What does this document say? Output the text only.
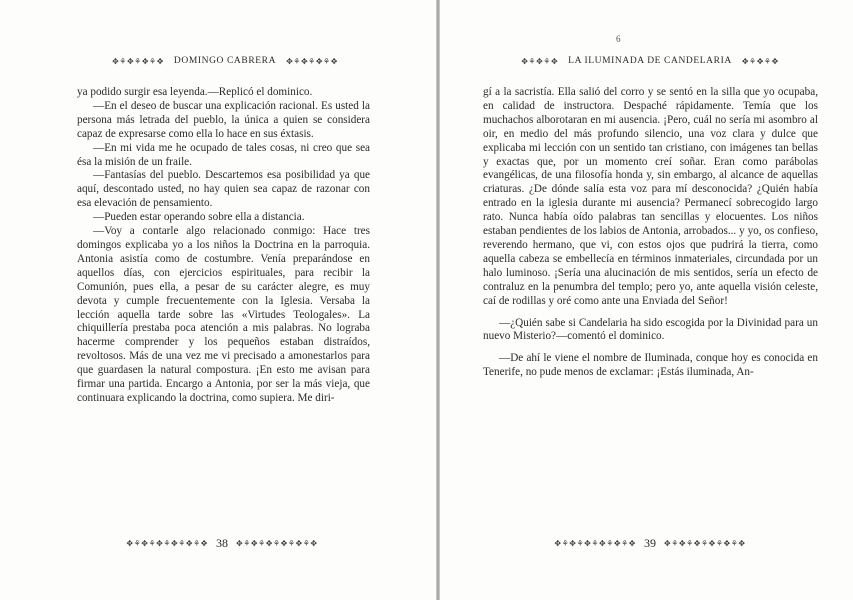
✥⚘✥⚘✥⚘✥ DOMINGO CABRERA ✥⚘✥⚘✥⚘✥

ya podido surgir esa leyenda.—Replicó el dominico.

—En el deseo de buscar una explicación racional. Es usted la persona más letrada del pueblo, la única a quien se considera capaz de expresarse como ella lo hace en sus éxtasis.

—En mi vida me he ocupado de tales cosas, ni creo que sea ésa la misión de un fraile.

—Fantasías del pueblo. Descartemos esa posibilidad ya que aquí, descontado usted, no hay quien sea capaz de razonar con esa elevación de pensamiento.

—Pueden estar operando sobre ella a distancia.

—Voy a contarle algo relacionado conmigo: Hace tres domingos explicaba yo a los niños la Doctrina en la parroquia. Antonia asistía como de costumbre. Venía preparándose en aquellos días, con ejercicios espirituales, para recibir la Comunión, pues ella, a pesar de su carácter alegre, es muy devota y cumple frecuentemente con la Iglesia. Versaba la lección aquella tarde sobre las «Virtudes Teologales». La chiquillería prestaba poca atención a mis palabras. No lograba hacerme comprender y los pequeños estaban distraídos, revoltosos. Más de una vez me vi precisado a amonestarlos para que guardasen la natural compostura. ¡En esto me avisan para firmar una partida. Encargo a Antonia, por ser la más vieja, que continuara explicando la doctrina, como supiera. Me diri-

✥⚘✥⚘✥⚘✥⚘✥⚘✥ 38 ✥⚘✥⚘✥⚘✥⚘✥⚘✥
6
✥⚘✥⚘✥ LA ILUMINADA DE CANDELARIA ✥⚘✥⚘✥

gí a la sacristía. Ella salió del corro y se sentó en la silla que yo ocupaba, en calidad de instructora. Despaché rápidamente. Temía que los muchachos alborotaran en mi ausencia. ¡Pero, cuál no sería mi asombro al oir, en medio del más profundo silencio, una voz clara y dulce que explicaba mi lección con un sentido tan cristiano, con imágenes tan bellas y exactas que, por un momento creí soñar. Eran como parábolas evangélicas, de una filosofía honda y, sin embargo, al alcance de aquellas criaturas. ¿De dónde salía esta voz para mí desconocida? ¿Quién había entrado en la iglesia durante mi ausencia? Permanecí sobrecogido largo rato. Nunca había oído palabras tan sencillas y elocuentes. Los niños estaban pendientes de los labios de Antonia, arrobados... y yo, os confieso, reverendo hermano, que vi, con estos ojos que pudrirá la tierra, como aquella cabeza se embellecía en términos inmateriales, circundada por un halo luminoso. ¡Sería una alucinación de mis sentidos, sería un efecto de contraluz en la penumbra del templo; pero yo, ante aquella visión celeste, caí de rodillas y oré como ante una Enviada del Señor!

—¿Quién sabe si Candelaria ha sido escogida por la Divinidad para un nuevo Misterio?—comentó el dominico.

—De ahí le viene el nombre de Iluminada, conque hoy es conocida en Tenerife, no pude menos de exclamar: ¡Estás iluminada, An-

✥⚘✥⚘✥⚘✥⚘✥⚘✥ 39 ✥⚘✥⚘✥⚘✥⚘✥⚘✥
